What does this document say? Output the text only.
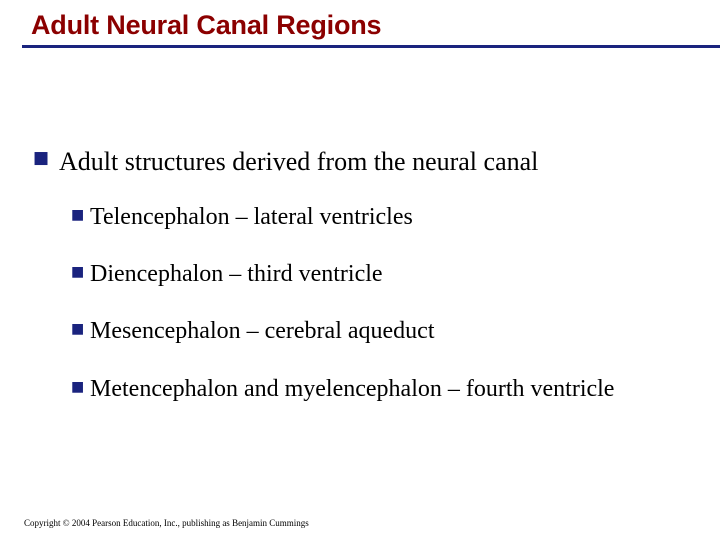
Adult Neural Canal Regions
■ Adult structures derived from the neural canal
■ Telencephalon – lateral ventricles
■ Diencephalon – third ventricle
■ Mesencephalon – cerebral aqueduct
■ Metencephalon and myelencephalon – fourth ventricle
Copyright © 2004 Pearson Education, Inc., publishing as Benjamin Cummings
